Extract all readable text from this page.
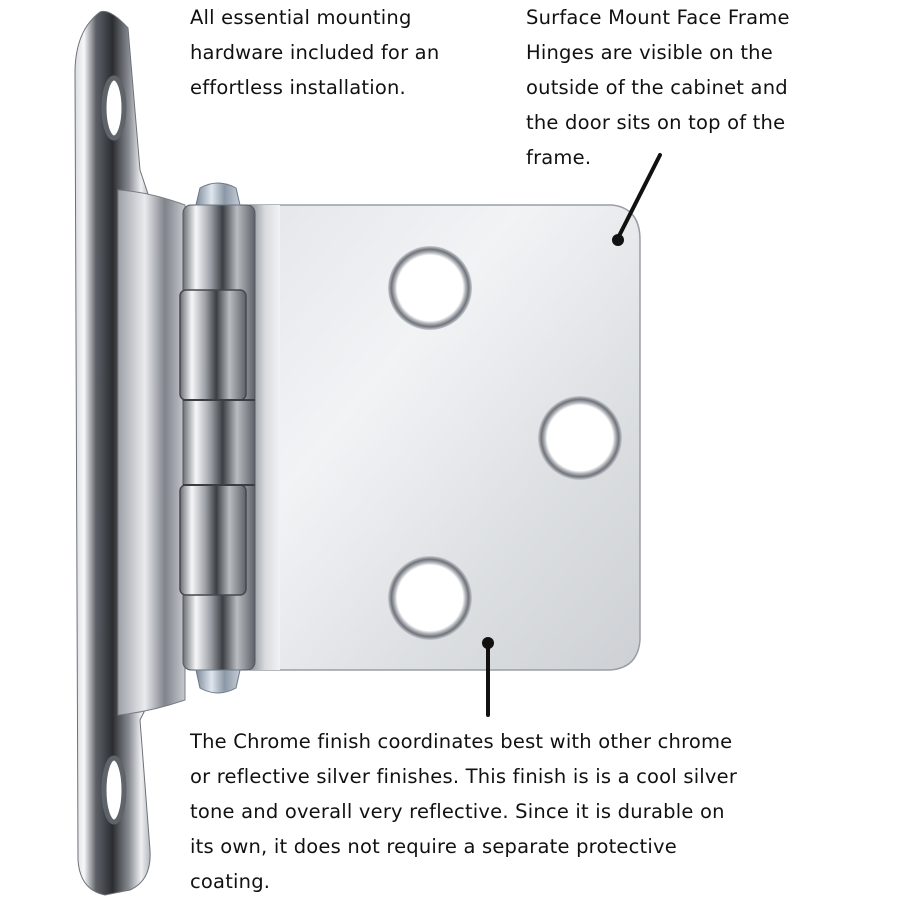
All essential mounting
hardware included for an
effortless installation.

Surface Mount Face Frame
Hinges are visible on the
outside of the cabinet and
the door sits on top of the
frame.

The Chrome finish coordinates best with other chrome
or reflective silver finishes. This finish is is a cool silver
tone and overall very reflective. Since it is durable on
its own, it does not require a separate protective
coating.
